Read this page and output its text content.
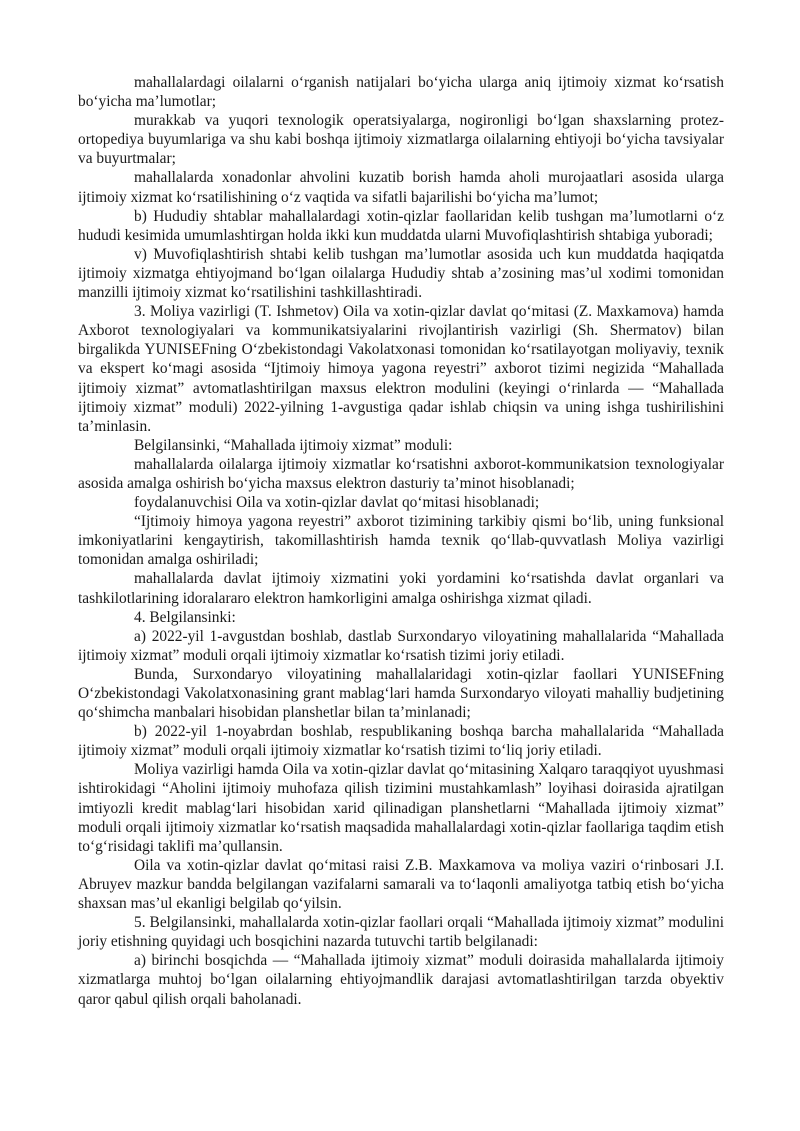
mahallalardagi oilalarni oʻrganish natijalari boʻyicha ularga aniq ijtimoiy xizmat koʻrsatish boʻyicha maʼlumotlar;

murakkab va yuqori texnologik operatsiyalarga, nogironligi boʻlgan shaxslarning protez-ortopediya buyumlariga va shu kabi boshqa ijtimoiy xizmatlarga oilalarning ehtiyoji boʻyicha tavsiyalar va buyurtmalar;

mahallalarda xonadonlar ahvolini kuzatib borish hamda aholi murojaatlari asosida ularga ijtimoiy xizmat koʻrsatilishining oʻz vaqtida va sifatli bajarilishi boʻyicha maʼlumot;

b) Hududiy shtablar mahallalardagi xotin-qizlar faollaridan kelib tushgan maʼlumotlarni oʻz hududi kesimida umumlashtirgan holda ikki kun muddatda ularni Muvofiqlashtirish shtabiga yuboradi;

v) Muvofiqlashtirish shtabi kelib tushgan maʼlumotlar asosida uch kun muddatda haqiqatda ijtimoiy xizmatga ehtiyojmand boʻlgan oilalarga Hududiy shtab aʼzosining masʼul xodimi tomonidan manzilli ijtimoiy xizmat koʻrsatilishini tashkillashtiradi.

3. Moliya vazirligi (T. Ishmetov) Oila va xotin-qizlar davlat qoʻmitasi (Z. Maxkamova) hamda Axborot texnologiyalari va kommunikatsiyalarini rivojlantirish vazirligi (Sh. Shermatov) bilan birgalikda YUNISEFning Oʻzbekistondagi Vakolatxonasi tomonidan koʻrsatilayotgan moliyaviy, texnik va ekspert koʻmagi asosida “Ijtimoiy himoya yagona reyestri” axborot tizimi negizida “Mahallada ijtimoiy xizmat” avtomatlashtirilgan maxsus elektron modulini (keyingi oʻrinlarda — “Mahallada ijtimoiy xizmat” moduli) 2022-yilning 1-avgustiga qadar ishlab chiqsin va uning ishga tushirilishini taʼminlasin.

Belgilansinki, “Mahallada ijtimoiy xizmat” moduli:

mahallalarda oilalarga ijtimoiy xizmatlar koʻrsatishni axborot-kommunikatsion texnologiyalar asosida amalga oshirish boʻyicha maxsus elektron dasturiy taʼminot hisoblanadi;

foydalanuvchisi Oila va xotin-qizlar davlat qoʻmitasi hisoblanadi;

“Ijtimoiy himoya yagona reyestri” axborot tizimining tarkibiy qismi boʻlib, uning funksional imkoniyatlarini kengaytirish, takomillashtirish hamda texnik qoʻllab-quvvatlash Moliya vazirligi tomonidan amalga oshiriladi;

mahallalarda davlat ijtimoiy xizmatini yoki yordamini koʻrsatishda davlat organlari va tashkilotlarining idoralararo elektron hamkorligini amalga oshirishga xizmat qiladi.

4. Belgilansinki:

a) 2022-yil 1-avgustdan boshlab, dastlab Surxondaryo viloyatining mahallalarida “Mahallada ijtimoiy xizmat” moduli orqali ijtimoiy xizmatlar koʻrsatish tizimi joriy etiladi.

Bunda, Surxondaryo viloyatining mahallalaridagi xotin-qizlar faollari YUNISEFning Oʻzbekistondagi Vakolatxonasining grant mablagʻlari hamda Surxondaryo viloyati mahalliy budjetining qoʻshimcha manbalari hisobidan planshetlar bilan taʼminlanadi;

b) 2022-yil 1-noyabrdan boshlab, respublikaning boshqa barcha mahallalarida “Mahallada ijtimoiy xizmat” moduli orqali ijtimoiy xizmatlar koʻrsatish tizimi toʻliq joriy etiladi.

Moliya vazirligi hamda Oila va xotin-qizlar davlat qoʻmitasining Xalqaro taraqqiyot uyushmasi ishtirokidagi “Aholini ijtimoiy muhofaza qilish tizimini mustahkamlash” loyihasi doirasida ajratilgan imtiyozli kredit mablagʻlari hisobidan xarid qilinadigan planshetlarni “Mahallada ijtimoiy xizmat” moduli orqali ijtimoiy xizmatlar koʻrsatish maqsadida mahallalardagi xotin-qizlar faollariga taqdim etish toʻgʻrisidagi taklifi maʼqullansin.

Oila va xotin-qizlar davlat qoʻmitasi raisi Z.B. Maxkamova va moliya vaziri oʻrinbosari J.I. Abruyev mazkur bandda belgilangan vazifalarni samarali va toʻlaqonli amaliyotga tatbiq etish boʻyicha shaxsan masʼul ekanligi belgilab qoʻyilsin.

5. Belgilansinki, mahallalarda xotin-qizlar faollari orqali “Mahallada ijtimoiy xizmat” modulini joriy etishning quyidagi uch bosqichini nazarda tutuvchi tartib belgilanadi:

a) birinchi bosqichda — “Mahallada ijtimoiy xizmat” moduli doirasida mahallalarda ijtimoiy xizmatlarga muhtoj boʻlgan oilalarning ehtiyojmandlik darajasi avtomatlashtirilgan tarzda obyektiv qaror qabul qilish orqali baholanadi.
